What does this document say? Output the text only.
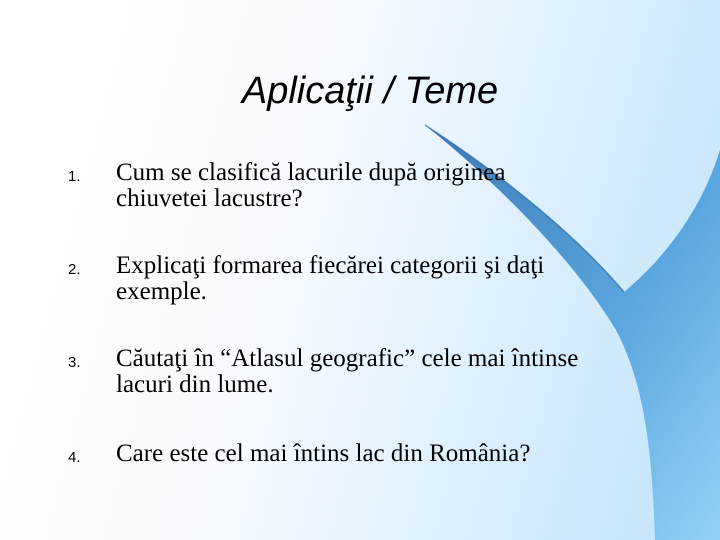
Aplicaţii / Teme
1. Cum se clasifică lacurile după originea
chiuvetei lacustre?
2. Explicaţi formarea fiecărei categorii şi daţi
exemple.
3. Căutaţi în “Atlasul geografic” cele mai întinse
lacuri din lume.
4. Care este cel mai întins lac din România?
